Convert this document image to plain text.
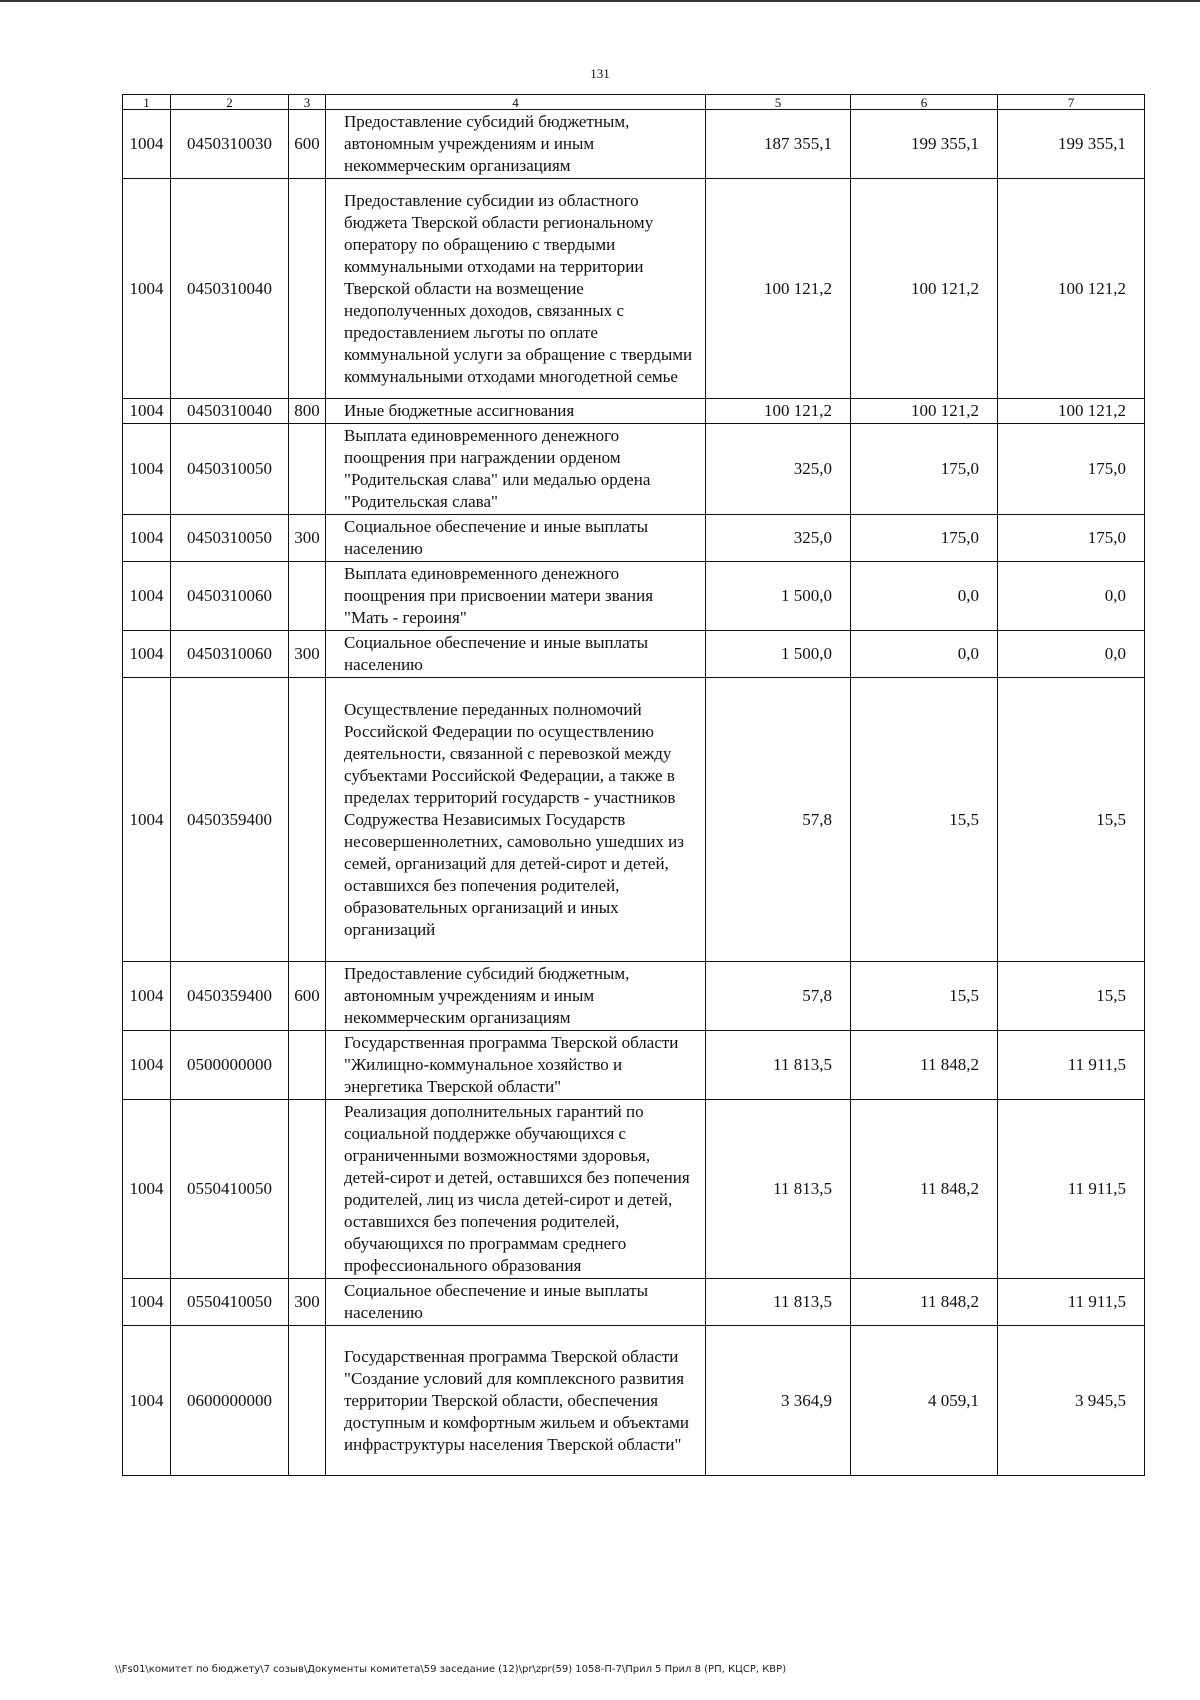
131
1	2	3	4	5	6	7
1004	0450310030	600	Предоставление субсидий бюджетным, автономным учреждениям и иным некоммерческим организациям	187 355,1	199 355,1	199 355,1
1004	0450310040		Предоставление субсидии из областного бюджета Тверской области региональному оператору по обращению с твердыми коммунальными отходами на территории Тверской области на возмещение недополученных доходов, связанных с предоставлением льготы по оплате коммунальной услуги за обращение с твердыми коммунальными отходами многодетной семье	100 121,2	100 121,2	100 121,2
1004	0450310040	800	Иные бюджетные ассигнования	100 121,2	100 121,2	100 121,2
1004	0450310050		Выплата единовременного денежного поощрения при награждении орденом "Родительская слава" или медалью ордена "Родительская слава"	325,0	175,0	175,0
1004	0450310050	300	Социальное обеспечение и иные выплаты населению	325,0	175,0	175,0
1004	0450310060		Выплата единовременного денежного поощрения при присвоении матери звания "Мать - героиня"	1 500,0	0,0	0,0
1004	0450310060	300	Социальное обеспечение и иные выплаты населению	1 500,0	0,0	0,0
1004	0450359400		Осуществление переданных полномочий Российской Федерации по осуществлению деятельности, связанной с перевозкой между субъектами Российской Федерации, а также в пределах территорий государств - участников Содружества Независимых Государств несовершеннолетних, самовольно ушедших из семей, организаций для детей-сирот и детей, оставшихся без попечения родителей, образовательных организаций и иных организаций	57,8	15,5	15,5
1004	0450359400	600	Предоставление субсидий бюджетным, автономным учреждениям и иным некоммерческим организациям	57,8	15,5	15,5
1004	0500000000		Государственная программа Тверской области "Жилищно-коммунальное хозяйство и энергетика Тверской области"	11 813,5	11 848,2	11 911,5
1004	0550410050		Реализация дополнительных гарантий по социальной поддержке обучающихся с ограниченными возможностями здоровья, детей-сирот и детей, оставшихся без попечения родителей, лиц из числа детей-сирот и детей, оставшихся без попечения родителей, обучающихся по программам среднего профессионального образования	11 813,5	11 848,2	11 911,5
1004	0550410050	300	Социальное обеспечение и иные выплаты населению	11 813,5	11 848,2	11 911,5
1004	0600000000		Государственная программа Тверской области "Создание условий для комплексного развития территории Тверской области, обеспечения доступным и комфортным жильем и объектами инфраструктуры населения Тверской области"	3 364,9	4 059,1	3 945,5
\\Fs01\комитет по бюджету\7 созыв\Документы комитета\59 заседание (12)\pr\zpr(59) 1058-П-7\Прил 5 Прил 8 (РП, КЦСР, КВР)
